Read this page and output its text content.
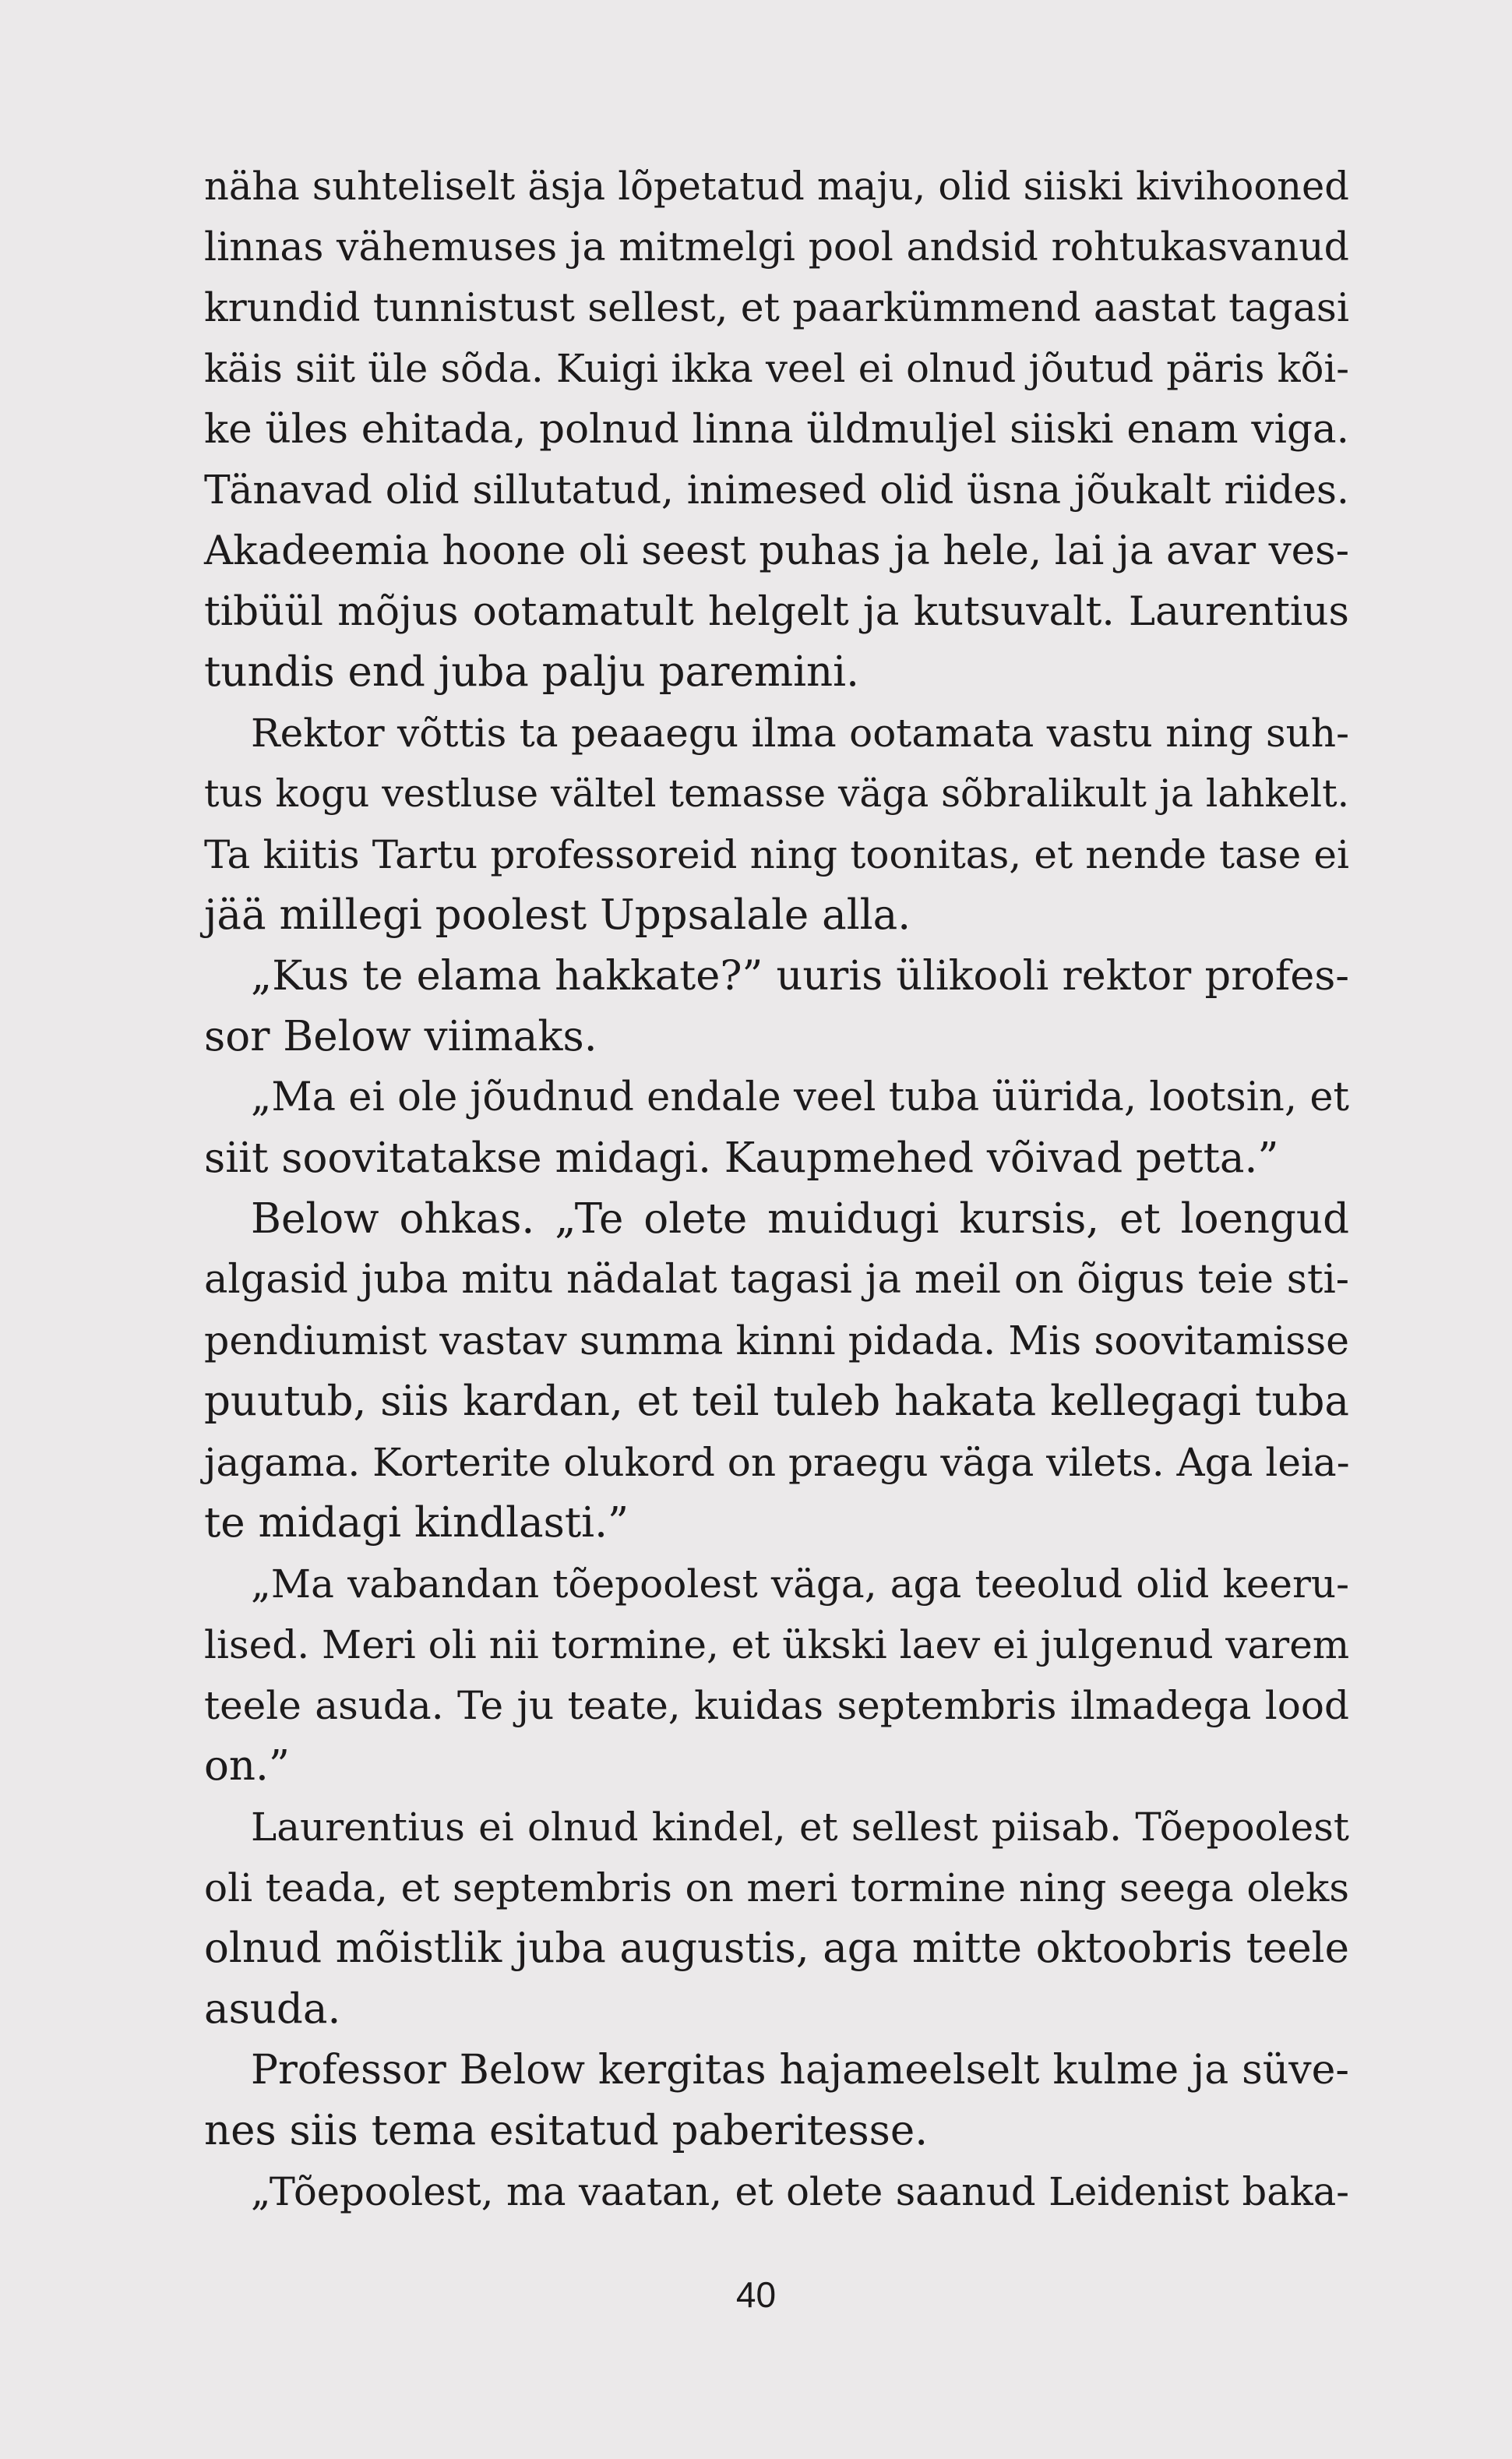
näha suhteliselt äsja lõpetatud maju, olid siiski kivihooned
linnas vähemuses ja mitmelgi pool andsid rohtukasvanud
krundid tunnistust sellest, et paarkümmend aastat tagasi
käis siit üle sõda. Kuigi ikka veel ei olnud jõutud päris kõi-
ke üles ehitada, polnud linna üldmuljel siiski enam viga.
Tänavad olid sillutatud, inimesed olid üsna jõukalt riides.
Akadeemia hoone oli seest puhas ja hele, lai ja avar ves-
tibüül mõjus ootamatult helgelt ja kutsuvalt. Laurentius
tundis end juba palju paremini.
Rektor võttis ta peaaegu ilma ootamata vastu ning suh-
tus kogu vestluse vältel temasse väga sõbralikult ja lahkelt.
Ta kiitis Tartu professoreid ning toonitas, et nende tase ei
jää millegi poolest Uppsalale alla.
„Kus te elama hakkate?” uuris ülikooli rektor profes-
sor Below viimaks.
„Ma ei ole jõudnud endale veel tuba üürida, lootsin, et
siit soovitatakse midagi. Kaupmehed võivad petta.”
Below ohkas. „Te olete muidugi kursis, et loengud
algasid juba mitu nädalat tagasi ja meil on õigus teie sti-
pendiumist vastav summa kinni pidada. Mis soovitamisse
puutub, siis kardan, et teil tuleb hakata kellegagi tuba
jagama. Korterite olukord on praegu väga vilets. Aga leia-
te midagi kindlasti.”
„Ma vabandan tõepoolest väga, aga teeolud olid keeru-
lised. Meri oli nii tormine, et ükski laev ei julgenud varem
teele asuda. Te ju teate, kuidas septembris ilmadega lood
on.”
Laurentius ei olnud kindel, et sellest piisab. Tõepoolest
oli teada, et septembris on meri tormine ning seega oleks
olnud mõistlik juba augustis, aga mitte oktoobris teele
asuda.
Professor Below kergitas hajameelselt kulme ja süve-
nes siis tema esitatud paberitesse.
„Tõepoolest, ma vaatan, et olete saanud Leidenist baka-
40
